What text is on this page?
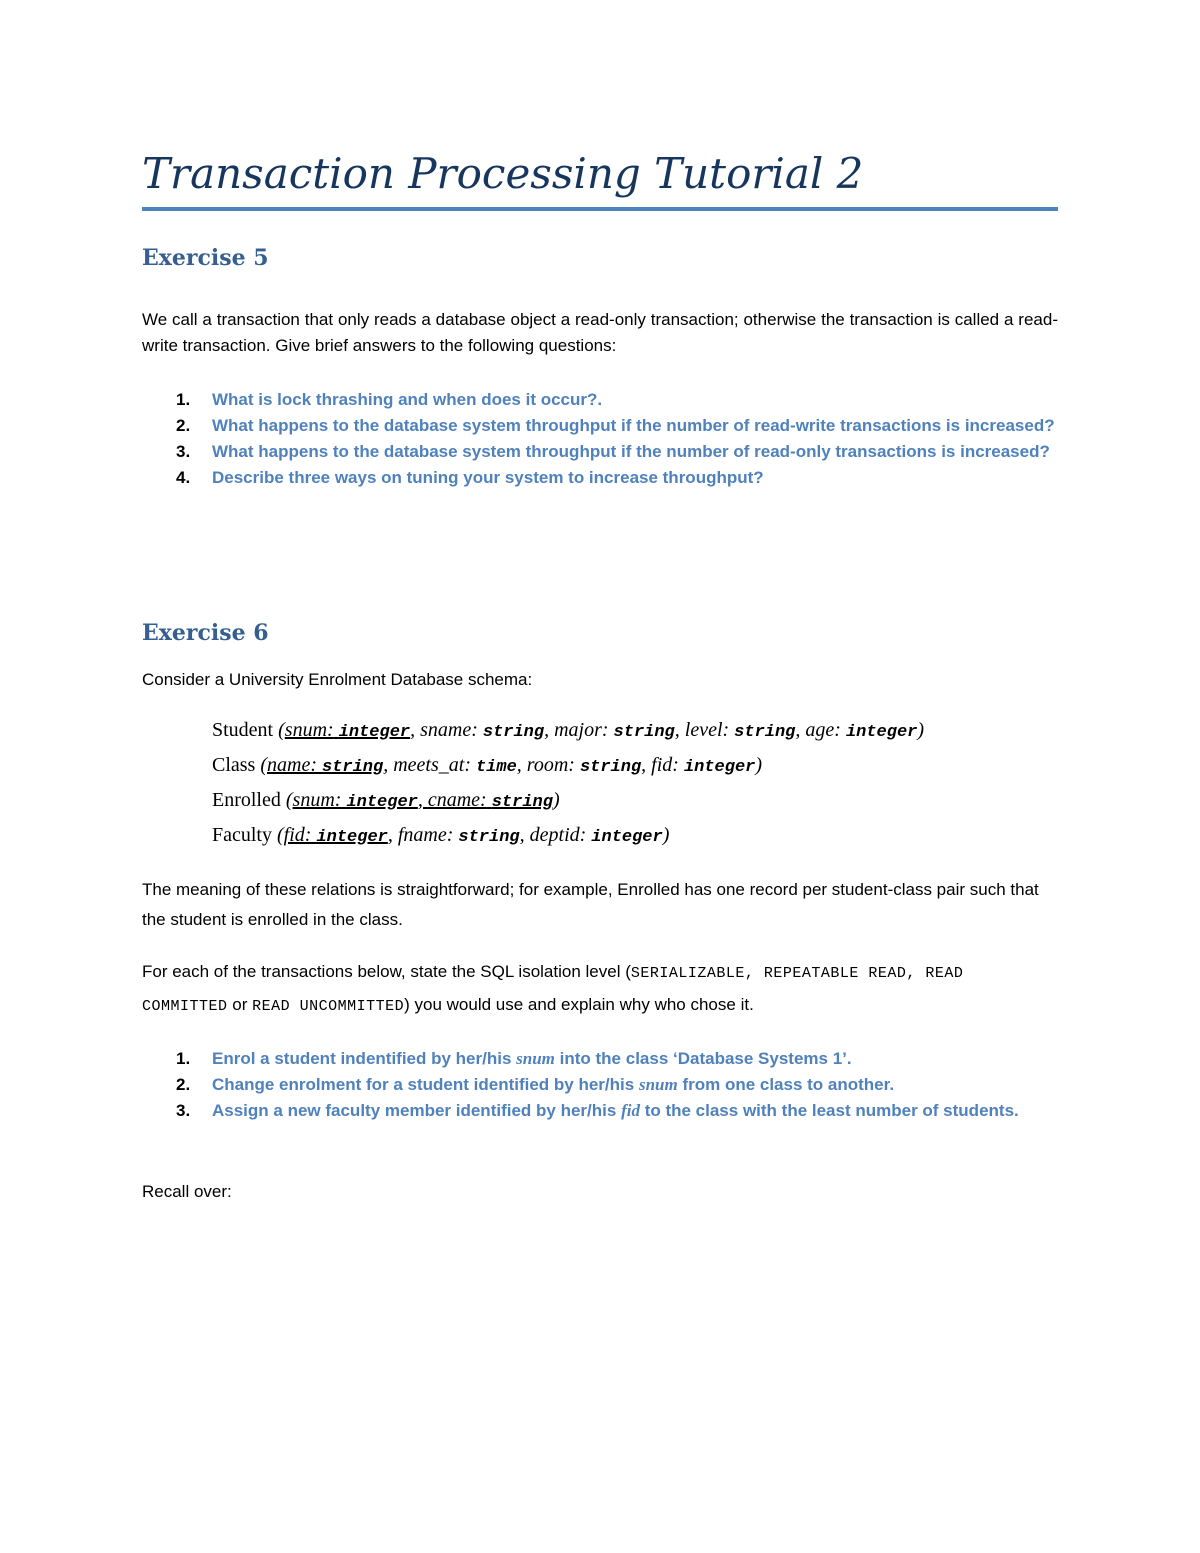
Transaction Processing Tutorial 2
Exercise 5

We call a transaction that only reads a database object a read-only transaction; otherwise the transaction is called a read-write transaction. Give brief answers to the following questions:

1. What is lock thrashing and when does it occur?.
2. What happens to the database system throughput if the number of read-write transactions is increased?
3. What happens to the database system throughput if the number of read-only transactions is increased?
4. Describe three ways on tuning your system to increase throughput?
Exercise 6

Consider a University Enrolment Database schema:

Student (snum: integer, sname: string, major: string, level: string, age: integer)
Class (name: string, meets_at: time, room: string, fid: integer)
Enrolled (snum: integer, cname: string)
Faculty (fid: integer, fname: string, deptid: integer)

The meaning of these relations is straightforward; for example, Enrolled has one record per student-class pair such that the student is enrolled in the class.

For each of the transactions below, state the SQL isolation level (SERIALIZABLE, REPEATABLE READ, READ COMMITTED or READ UNCOMMITTED) you would use and explain why who chose it.

1. Enrol a student indentified by her/his snum into the class ‘Database Systems 1’.
2. Change enrolment for a student identified by her/his snum from one class to another.
3. Assign a new faculty member identified by her/his fid to the class with the least number of students.

Recall over:
